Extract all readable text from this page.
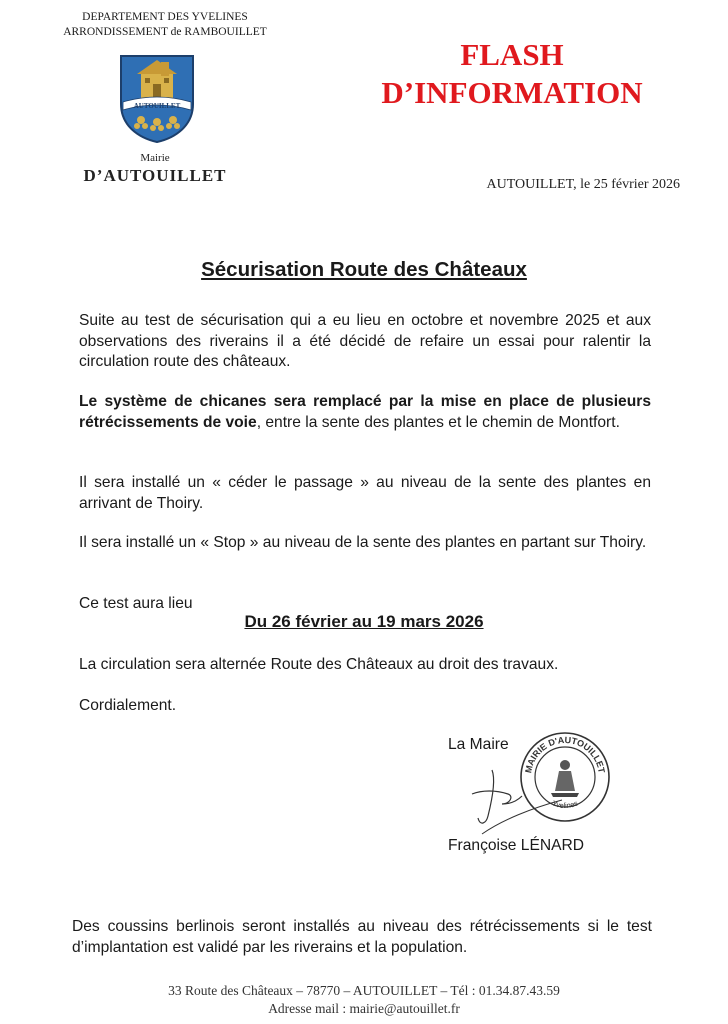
DEPARTEMENT DES YVELINES
ARRONDISSEMENT de RAMBOUILLET
AUTOUILLET
Mairie
D’AUTOUILLET
FLASH
D’INFORMATION
AUTOUILLET, le 25 février 2026
Sécurisation Route des Châteaux

Suite au test de sécurisation qui a eu lieu en octobre et novembre 2025 et aux observations des riverains il a été décidé de refaire un essai pour ralentir la circulation route des châteaux.

Le système de chicanes sera remplacé par la mise en place de plusieurs rétrécissements de voie, entre la sente des plantes et le chemin de Montfort.

Il sera installé un « céder le passage » au niveau de la sente des plantes en arrivant de Thoiry.

Il sera installé un « Stop » au niveau de la sente des plantes en partant sur Thoiry.

Ce test aura lieu

Du 26 février au 19 mars 2026

La circulation sera alternée Route des Châteaux au droit des travaux.

Cordialement.

La Maire
MAIRIE D'AUTOUILLET
Yvelines
Françoise LÉNARD

Des coussins berlinois seront installés au niveau des rétrécissements si le test d’implantation est validé par les riverains et la population.

33 Route des Châteaux – 78770 – AUTOUILLET – Tél : 01.34.87.43.59
Adresse mail : mairie@autouillet.fr
